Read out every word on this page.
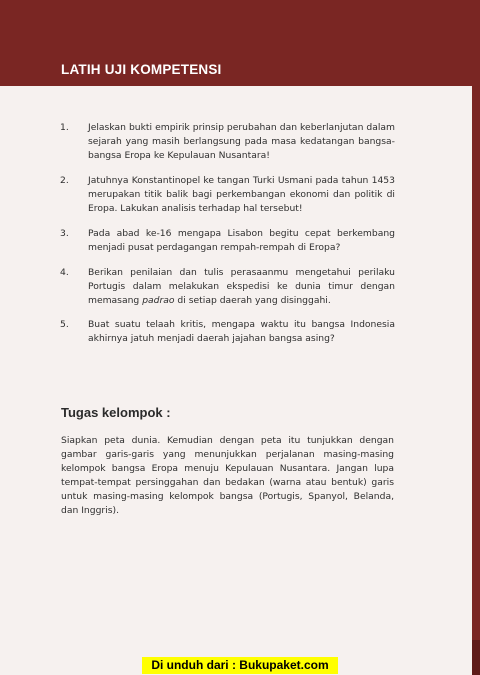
LATIH UJI KOMPETENSI
1.	Jelaskan bukti empirik prinsip perubahan dan keberlanjutan dalam sejarah yang masih berlangsung pada masa kedatangan bangsa-bangsa Eropa ke Kepulauan Nusantara!
2.	Jatuhnya Konstantinopel ke tangan Turki Usmani pada tahun 1453 merupakan titik balik bagi perkembangan ekonomi dan politik di Eropa. Lakukan analisis terhadap hal tersebut!
3.	Pada abad ke-16 mengapa Lisabon begitu cepat berkembang menjadi pusat perdagangan rempah-rempah di Eropa?
4.	Berikan penilaian dan tulis perasaanmu mengetahui perilaku Portugis dalam melakukan ekspedisi ke dunia timur dengan memasang padrao di setiap daerah yang disinggahi.
5.	Buat suatu telaah kritis, mengapa waktu itu bangsa Indonesia akhirnya jatuh menjadi daerah jajahan bangsa asing?
Tugas kelompok :
Siapkan peta dunia. Kemudian dengan peta itu tunjukkan dengan gambar garis-garis yang menunjukkan perjalanan masing-masing kelompok bangsa Eropa menuju Kepulauan Nusantara. Jangan lupa tempat-tempat persinggahan dan bedakan (warna atau bentuk) garis untuk masing-masing kelompok bangsa (Portugis, Spanyol, Belanda, dan Inggris).
Di unduh dari : Bukupaket.com
